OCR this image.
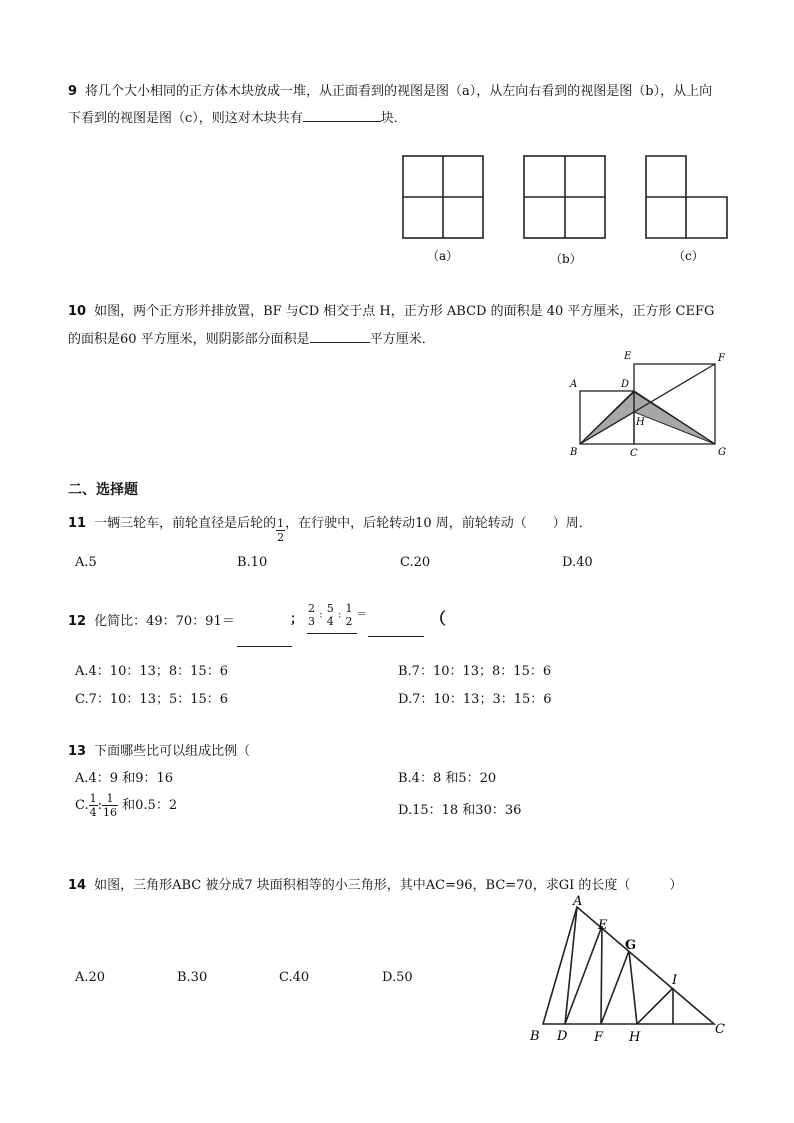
9 将几个大小相同的正方体木块放成一堆，从正面看到的视图是图（a），从左向右看到的视图是图（b），从上向
下看到的视图是图（c），则这对木块共有	块．
（a）	（b）	（c）
10 如图，两个正方形并排放置，BF 与CD 相交于点 H，正方形 ABCD 的面积是 40 平方厘米，正方形 CEFG
的面积是60 平方厘米，则阴影部分面积是	平方厘米．
A
B	C
D
E	F
G
H
二、选择题
11 一辆三轮车，前轮直径是后轮的 $\frac{1}{2}$ ，在行驶中，后轮转动10 周，前轮转动（　　）周．
A.5	B.10	C.20	D.40
12 化简比：49：70：91＝	；
2
3 : 5
4 : 1
2 ＝	（
A.4：10：13；8：15：6	B.7：10：13；8：15：6
C.7：10：13；5：15：6	D.7：10：13；3：15：6
13 下面哪些比可以组成比例（
A.4：9 和9：16	B.4：8 和5：20
C. $\frac{1}{4}$ : $\frac{1}{16}$ 和0.5：2	D.15：18 和30：36
14 如图，三角形ABC 被分成7 块面积相等的小三角形，其中AC=96，BC=70，求GI 的长度（　　　）
A.20	B.30	C.40	D.50
A
B	C
D
E
F
G
H
I
